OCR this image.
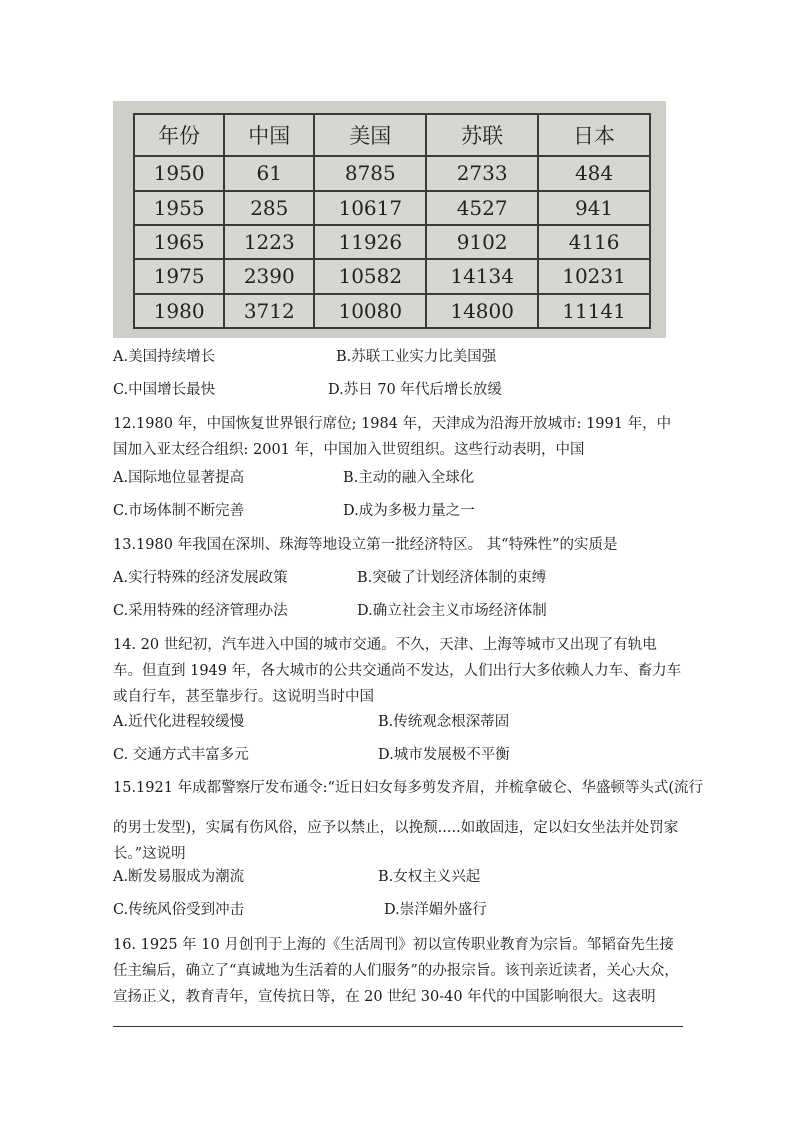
年份	中国	美国	苏联	日本
1950	61	8785	2733	484
1955	285	10617	4527	941
1965	1223	11926	9102	4116
1975	2390	10582	14134	10231
1980	3712	10080	14800	11141
A.美国持续增长	B.苏联工业实力比美国强
C.中国增长最快	D.苏日 70 年代后增长放缓
12.1980 年，中国恢复世界银行席位; 1984 年，天津成为沿海开放城市: 1991 年，中国加入亚太经合组织: 2001 年，中国加入世贸组织。这些行动表明，中国
A.国际地位显著提高	B.主动的融入全球化
C.市场体制不断完善	D.成为多极力量之一
13.1980 年我国在深圳、珠海等地设立第一批经济特区。 其“特殊性”的实质是
A.实行特殊的经济发展政策	B.突破了计划经济体制的束缚
C.采用特殊的经济管理办法	D.确立社会主义市场经济体制
14. 20 世纪初，汽车进入中国的城市交通。不久，天津、上海等城市又出现了有轨电车。但直到 1949 年，各大城市的公共交通尚不发达，人们出行大多依赖人力车、畜力车或自行车，甚至靠步行。这说明当时中国
A.近代化进程较缓慢	B.传统观念根深蒂固
C. 交通方式丰富多元	D.城市发展极不平衡
15.1921 年成都警察厅发布通令:“近日妇女每多剪发齐眉，并梳拿破仑、华盛顿等头式(流行
的男士发型)，实属有伤风俗，应予以禁止，以挽颓.....如敢固违，定以妇女坐法并处罚家长。”这说明
A.断发易服成为潮流	B.女权主义兴起
C.传统风俗受到冲击	D.崇洋媚外盛行
16. 1925 年 10 月创刊于上海的《生活周刊》初以宣传职业教育为宗旨。邹韬奋先生接任主编后，确立了“真诚地为生活着的人们服务”的办报宗旨。该刊亲近读者，关心大众，宣扬正义，教育青年，宣传抗日等，在 20 世纪 30-40 年代的中国影响很大。这表明
